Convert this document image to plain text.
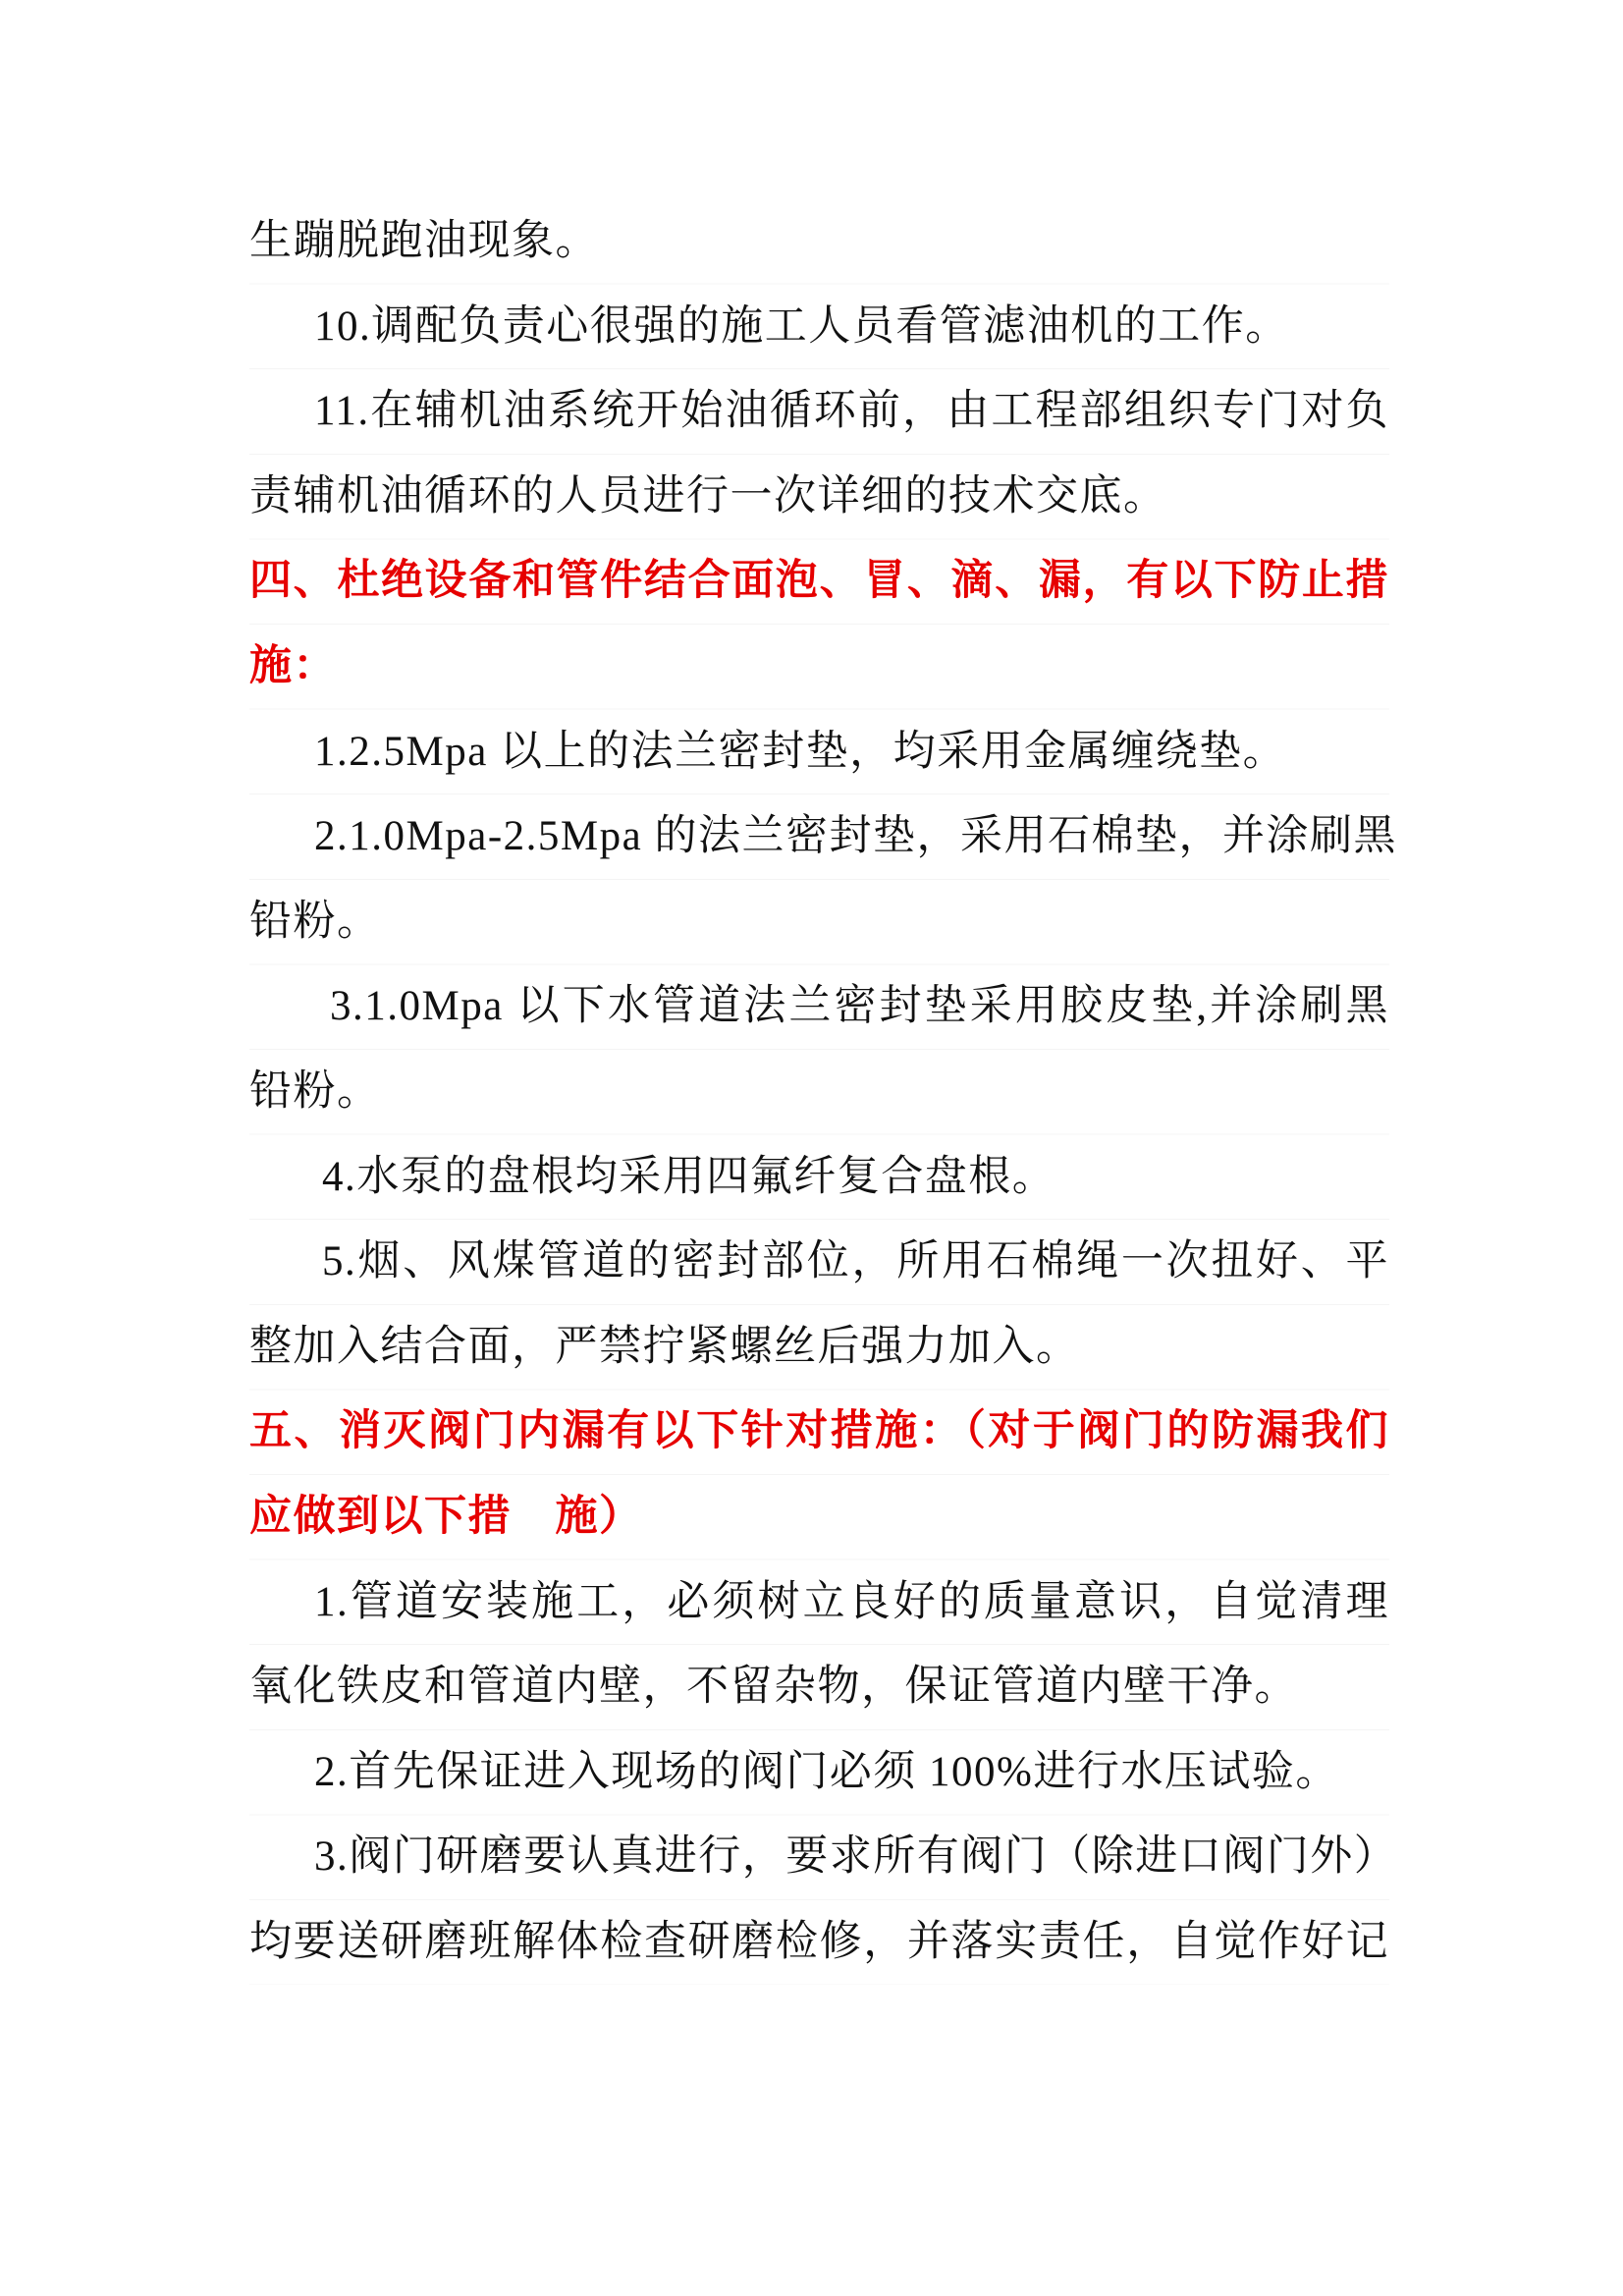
生蹦脱跑油现象。
10.调配负责心很强的施工人员看管滤油机的工作。
11.在辅机油系统开始油循环前，由工程部组织专门对负
责辅机油循环的人员进行一次详细的技术交底。
四、杜绝设备和管件结合面泡、冒、滴、漏，有以下防止措
施：
1.2.5Mpa 以上的法兰密封垫，均采用金属缠绕垫。
2.1.0Mpa-2.5Mpa 的法兰密封垫，采用石棉垫，并涂刷黑
铅粉。
3.1.0Mpa 以下水管道法兰密封垫采用胶皮垫,并涂刷黑
铅粉。
4.水泵的盘根均采用四氟纤复合盘根。
5.烟、风煤管道的密封部位，所用石棉绳一次扭好、平
整加入结合面，严禁拧紧螺丝后强力加入。
五、消灭阀门内漏有以下针对措施：（对于阀门的防漏我们
应做到以下措　施）
1.管道安装施工，必须树立良好的质量意识，自觉清理
氧化铁皮和管道内壁，不留杂物，保证管道内壁干净。
2.首先保证进入现场的阀门必须 100%进行水压试验。
3.阀门研磨要认真进行，要求所有阀门（除进口阀门外）
均要送研磨班解体检查研磨检修，并落实责任，自觉作好记
